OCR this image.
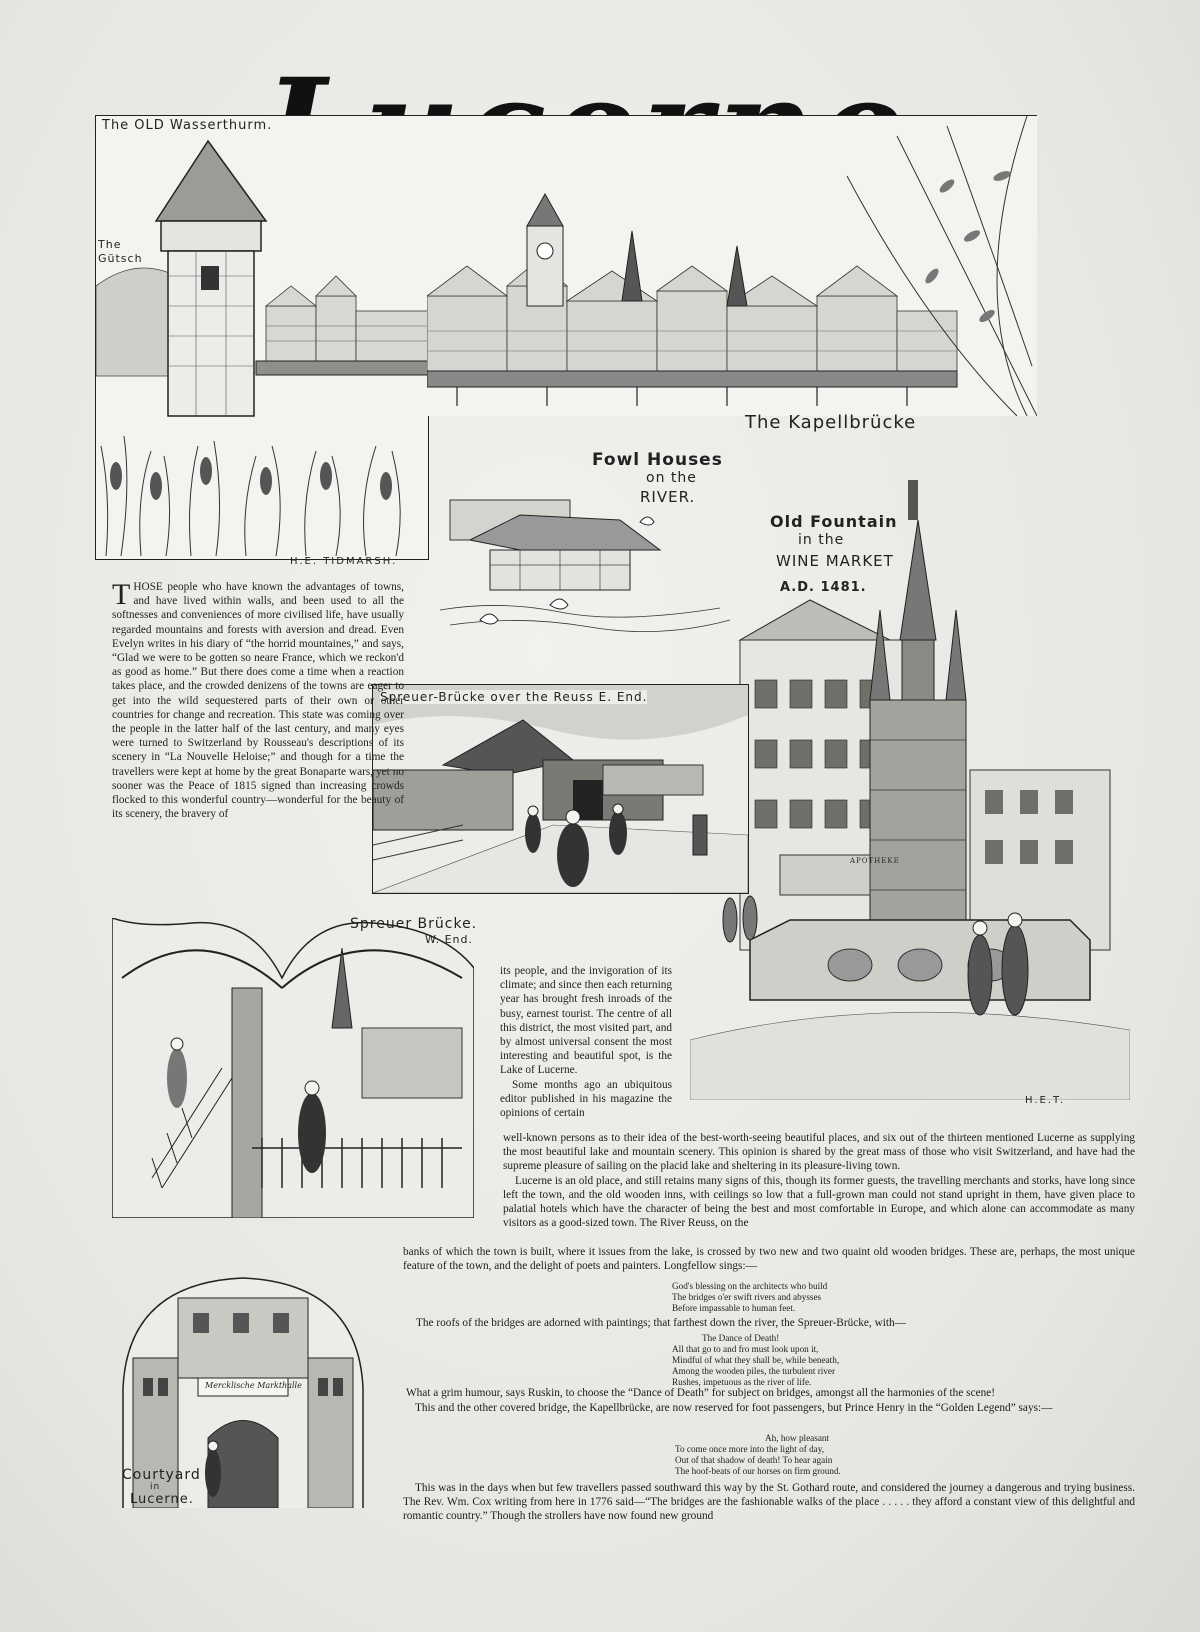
The OLD Wasserthurm.
The
Gütsch
The Kapellbrücke
H.E. TIDMARSH.
Fowl Houses
on the
RIVER.
Old Fountain
in the
WINE MARKET
A.D. 1481.
APOTHEKE
H.E.T.
Spreuer-Brücke over the Reuss E. End.
Spreuer Brücke.
W. End.
Mercklische Markthalle
Courtyard
in
Lucerne.
THOSE people who have known the advantages of towns, and have lived within walls, and been used to all the softnesses and conveniences of more civilised life, have usually regarded mountains and forests with aversion and dread. Even Evelyn writes in his diary of “the horrid mountaines,” and says, “Glad we were to be gotten so neare France, which we reckon'd as good as home.” But there does come a time when a reaction takes place, and the crowded denizens of the towns are eager to get into the wild sequestered parts of their own or other countries for change and recreation. This state was coming over the people in the latter half of the last century, and many eyes were turned to Switzerland by Rousseau's descriptions of its scenery in “La Nouvelle Heloise;” and though for a time the travellers were kept at home by the great Bonaparte wars, yet no sooner was the Peace of 1815 signed than increasing crowds flocked to this wonderful country—wonderful for the beauty of its scenery, the bravery of

its people, and the invigoration of its climate; and since then each returning year has brought fresh inroads of the busy, earnest tourist. The centre of all this district, the most visited part, and by almost universal consent the most interesting and beautiful spot, is the Lake of Lucerne.

Some months ago an ubiquitous editor published in his magazine the opinions of certain

well-known persons as to their idea of the best-worth-seeing beautiful places, and six out of the thirteen mentioned Lucerne as supplying the most beautiful lake and mountain scenery. This opinion is shared by the great mass of those who visit Switzerland, and have had the supreme pleasure of sailing on the placid lake and sheltering in its pleasure-living town.

Lucerne is an old place, and still retains many signs of this, though its former guests, the travelling merchants and storks, have long since left the town, and the old wooden inns, with ceilings so low that a full-grown man could not stand upright in them, have given place to palatial hotels which have the character of being the best and most comfortable in Europe, and which alone can accommodate as many visitors as a good-sized town. The River Reuss, on the

banks of which the town is built, where it issues from the lake, is crossed by two new and two quaint old wooden bridges. These are, perhaps, the most unique feature of the town, and the delight of poets and painters. Longfellow sings:—

God's blessing on the architects who build
The bridges o'er swift rivers and abysses
Before impassable to human feet.
The roofs of the bridges are adorned with paintings; that farthest down the river, the Spreuer-Brücke, with—
The Dance of Death!
All that go to and fro must look upon it,
Mindful of what they shall be, while beneath,
Among the wooden piles, the turbulent river
Rushes, impetuous as the river of life.
What a grim humour, says Ruskin, to choose the “Dance of Death” for subject on bridges, amongst all the harmonies of the scene!
This and the other covered bridge, the Kapellbrücke, are now reserved for foot passengers, but Prince Henry in the “Golden Legend” says:—
Ah, how pleasant
To come once more into the light of day,
Out of that shadow of death! To hear again
The hoof-beats of our horses on firm ground.
This was in the days when but few travellers passed southward this way by the St. Gothard route, and considered the journey a dangerous and trying business. The Rev. Wm. Cox writing from here in 1776 said—“The bridges are the fashionable walks of the place . . . . . they afford a constant view of this delightful and romantic country.” Though the strollers have now found new ground
